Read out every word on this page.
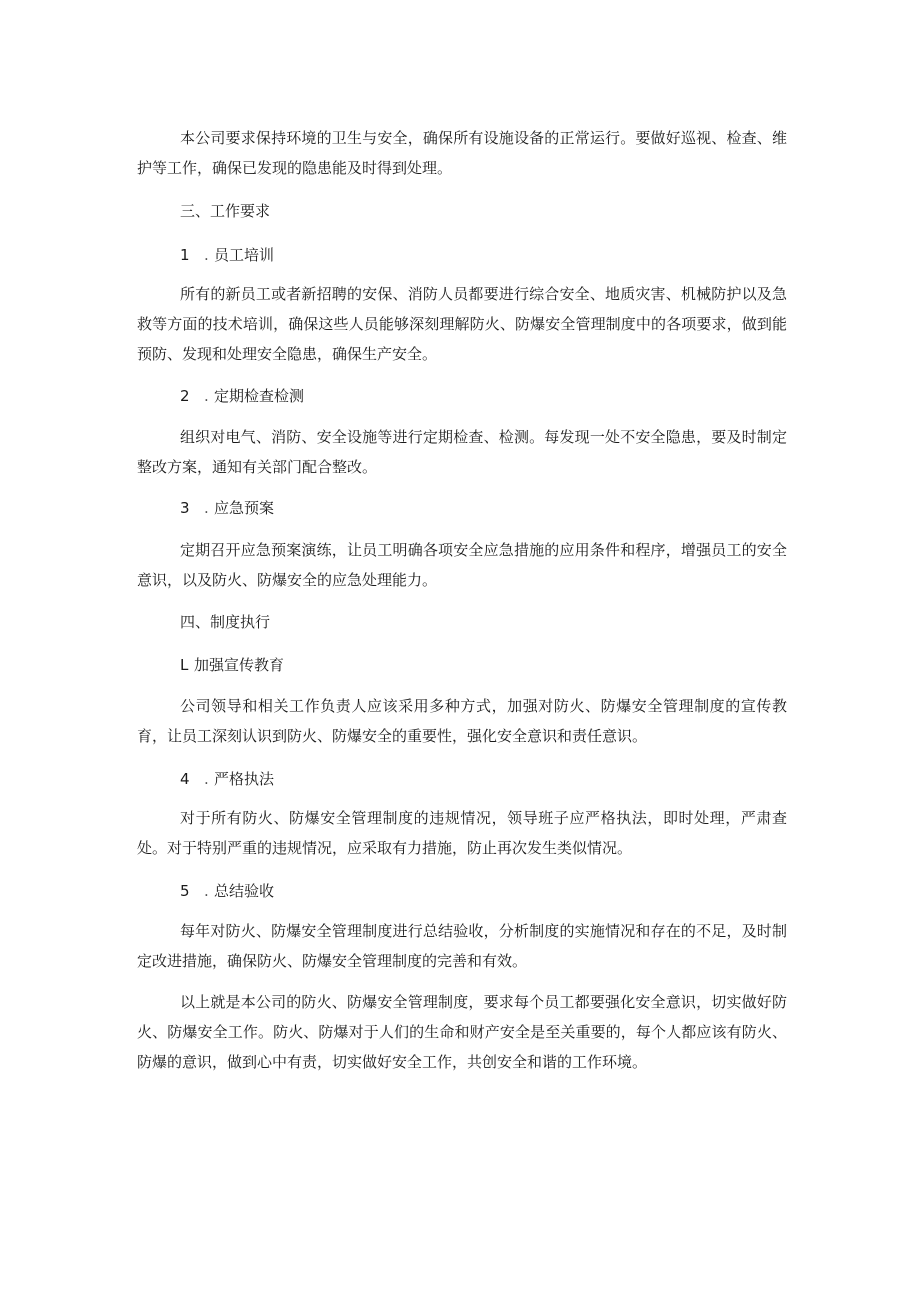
本公司要求保持环境的卫生与安全，确保所有设施设备的正常运行。要做好巡视、检查、维护等工作，确保已发现的隐患能及时得到处理。

三、工作要求
1 . 员工培训

所有的新员工或者新招聘的安保、消防人员都要进行综合安全、地质灾害、机械防护以及急救等方面的技术培训，确保这些人员能够深刻理解防火、防爆安全管理制度中的各项要求，做到能预防、发现和处理安全隐患，确保生产安全。

2 . 定期检查检测

组织对电气、消防、安全设施等进行定期检查、检测。每发现一处不安全隐患，要及时制定整改方案，通知有关部门配合整改。

3 . 应急预案

定期召开应急预案演练，让员工明确各项安全应急措施的应用条件和程序，增强员工的安全意识，以及防火、防爆安全的应急处理能力。

四、制度执行
L 加强宣传教育

公司领导和相关工作负责人应该采用多种方式，加强对防火、防爆安全管理制度的宣传教育，让员工深刻认识到防火、防爆安全的重要性，强化安全意识和责任意识。

4 . 严格执法

对于所有防火、防爆安全管理制度的违规情况，领导班子应严格执法，即时处理，严肃查处。对于特别严重的违规情况，应采取有力措施，防止再次发生类似情况。

5 . 总结验收

每年对防火、防爆安全管理制度进行总结验收，分析制度的实施情况和存在的不足，及时制定改进措施，确保防火、防爆安全管理制度的完善和有效。

以上就是本公司的防火、防爆安全管理制度，要求每个员工都要强化安全意识，切实做好防火、防爆安全工作。防火、防爆对于人们的生命和财产安全是至关重要的，每个人都应该有防火、防爆的意识，做到心中有责，切实做好安全工作，共创安全和谐的工作环境。
